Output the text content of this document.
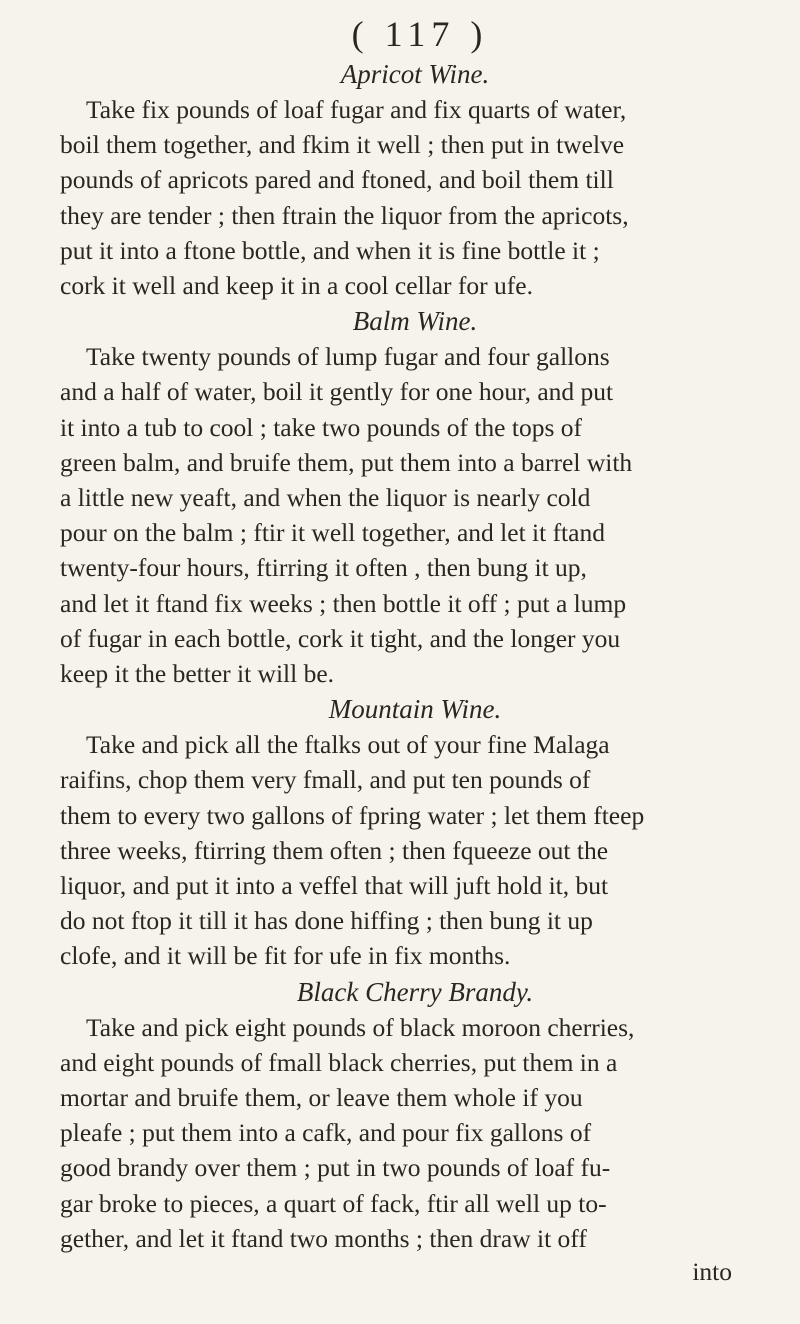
( 117 )
Apricot Wine.
Take fix pounds of loaf fugar and fix quarts of water,
boil them together, and fkim it well ; then put in twelve
pounds of apricots pared and ftoned, and boil them till
they are tender ; then ftrain the liquor from the apricots,
put it into a ftone bottle, and when it is fine bottle it ;
cork it well and keep it in a cool cellar for ufe.
Balm Wine.
Take twenty pounds of lump fugar and four gallons
and a half of water, boil it gently for one hour, and put
it into a tub to cool ; take two pounds of the tops of
green balm, and bruife them, put them into a barrel with
a little new yeaft, and when the liquor is nearly cold
pour on the balm ; ftir it well together, and let it ftand
twenty-four hours, ftirring it often , then bung it up,
and let it ftand fix weeks ; then bottle it off ; put a lump
of fugar in each bottle, cork it tight, and the longer you
keep it the better it will be.
Mountain Wine.
Take and pick all the ftalks out of your fine Malaga
raifins, chop them very fmall, and put ten pounds of
them to every two gallons of fpring water ; let them fteep
three weeks, ftirring them often ; then fqueeze out the
liquor, and put it into a veffel that will juft hold it, but
do not ftop it till it has done hiffing ; then bung it up
clofe, and it will be fit for ufe in fix months.
Black Cherry Brandy.
Take and pick eight pounds of black moroon cherries,
and eight pounds of fmall black cherries, put them in a
mortar and bruife them, or leave them whole if you
pleafe ; put them into a cafk, and pour fix gallons of
good brandy over them ; put in two pounds of loaf fu-
gar broke to pieces, a quart of fack, ftir all well up to-
gether, and let it ftand two months ; then draw it off
into
